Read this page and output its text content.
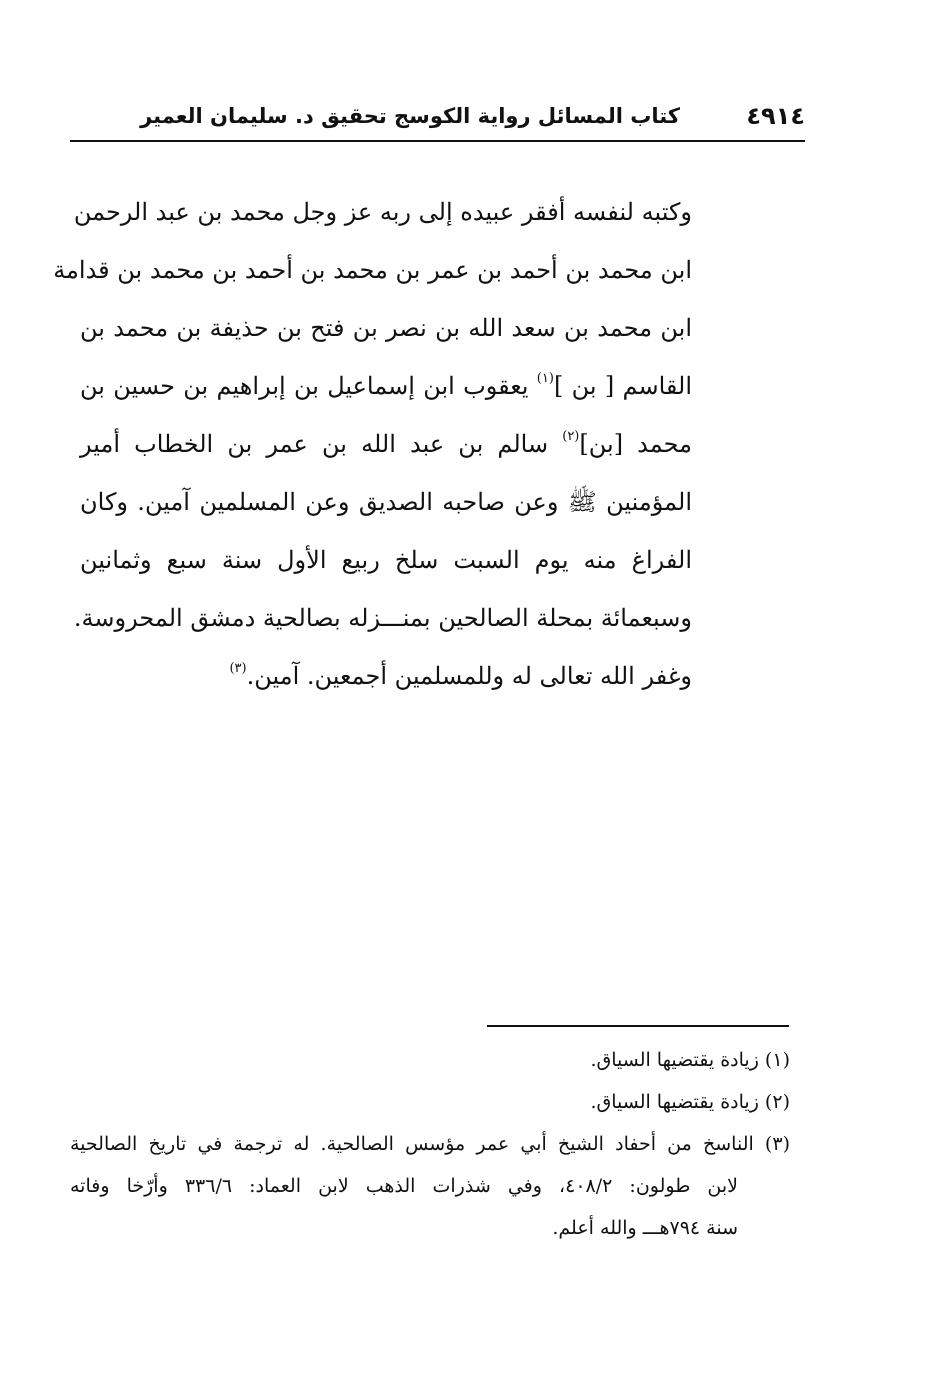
٤٩١٤
كتاب المسائل رواية الكوسج تحقيق د. سليمان العمير
وكتبه لنفسه أفقر عبيده إلى ربه عز وجل محمد بن عبد الرحمن
ابن محمد بن أحمد بن عمر بن محمد بن أحمد بن محمد بن قدامة
ابن محمد بن سعد الله بن نصر بن فتح بن حذيفة بن محمد بن
القاسم [ بن ]$^{(١)}$ يعقوب ابن إسماعيل بن إبراهيم بن حسين بن
محمد [بن]$^{(٢)}$ سالم بن عبد الله بن عمر بن الخطاب أمير
المؤمنين ﷺ وعن صاحبه الصديق وعن المسلمين آمين. وكان
الفراغ منه يوم السبت سلخ ربيع الأول سنة سبع وثمانين
وسبعمائة بمحلة الصالحين بمنـــزله بصالحية دمشق المحروسة.
وغفر الله تعالى له وللمسلمين أجمعين. آمين.$^{(٣)}$
(١) زيادة يقتضيها السياق.
(٢) زيادة يقتضيها السياق.
(٣) الناسخ من أحفاد الشيخ أبي عمر مؤسس الصالحية. له ترجمة في تاريخ الصالحية
لابن طولون: ٤٠٨/٢، وفي شذرات الذهب لابن العماد: ٣٣٦/٦ وأرّخا وفاته
سنة ٧٩٤هـــ والله أعلم.
